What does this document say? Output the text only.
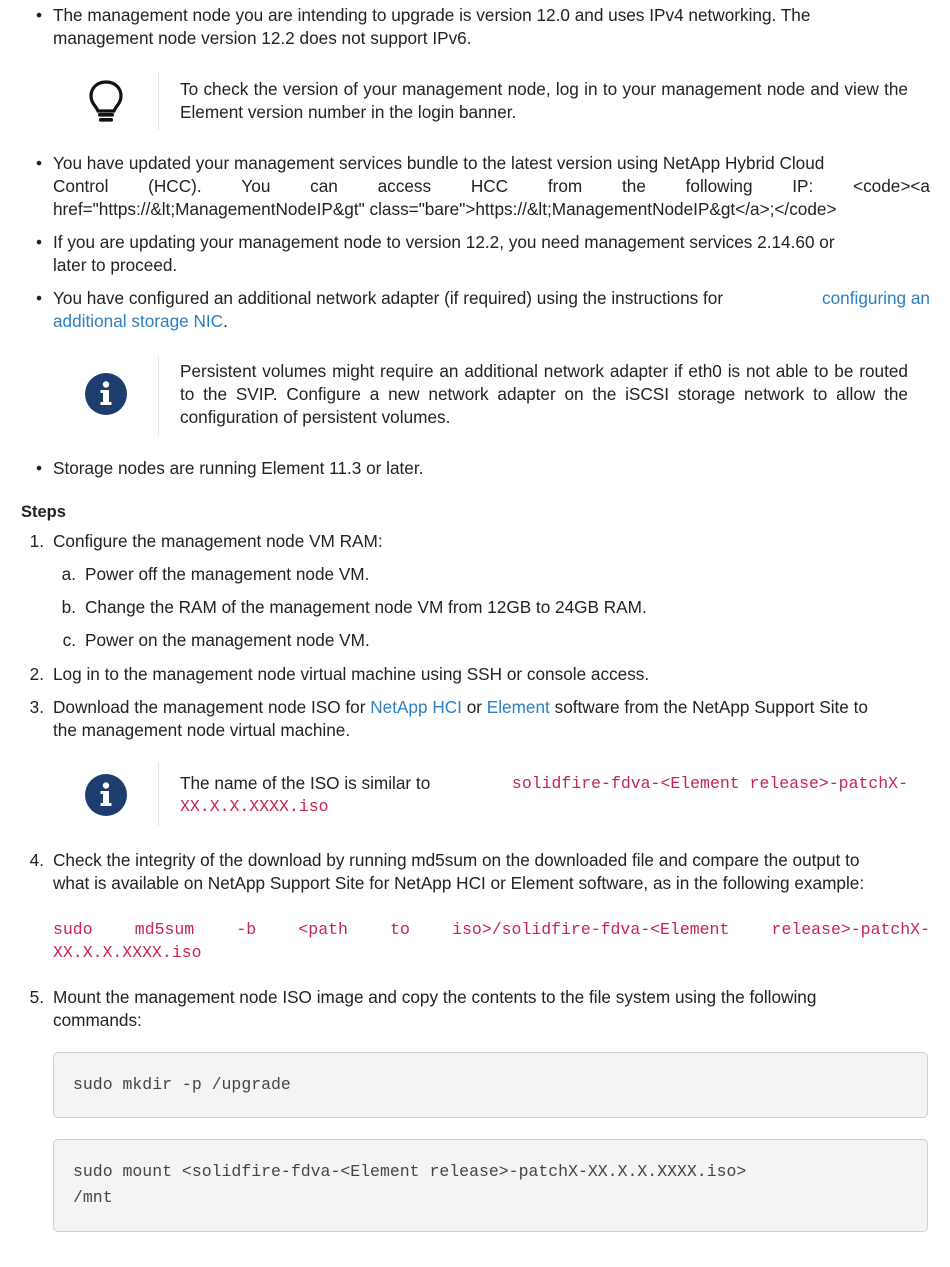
• The management node you are intending to upgrade is version 12.0 and uses IPv4 networking. The
management node version 12.2 does not support IPv6.
To check the version of your management node, log in to your management node and view the Element version number in the login banner.
• You have updated your management services bundle to the latest version using NetApp Hybrid Cloud
Control (HCC). You can access HCC from the following IP: <code><a
href="https://&lt;ManagementNodeIP&gt" class="bare">https://&lt;ManagementNodeIP&gt</a>;</code>
• If you are updating your management node to version 12.2, you need management services 2.14.60 or
later to proceed.
• You have configured an additional network adapter (if required) using the instructions for	configuring an
additional storage NIC.
Persistent volumes might require an additional network adapter if eth0 is not able to be routed to the SVIP. Configure a new network adapter on the iSCSI storage network to allow the configuration of persistent volumes.
• Storage nodes are running Element 11.3 or later.
Steps
1. Configure the management node VM RAM:
a. Power off the management node VM.
b. Change the RAM of the management node VM from 12GB to 24GB RAM.
c. Power on the management node VM.
2. Log in to the management node virtual machine using SSH or console access.
3. Download the management node ISO for NetApp HCI or Element software from the NetApp Support Site to
the management node virtual machine.
The name of the ISO is similar to	solidfire-fdva-<Element release>-patchX-
XX.X.X.XXXX.iso
4. Check the integrity of the download by running md5sum on the downloaded file and compare the output to
what is available on NetApp Support Site for NetApp HCI or Element software, as in the following example:
sudo	md5sum	-b	<path	to	iso>/solidfire-fdva-<Element	release>-patchX-
XX.X.X.XXXX.iso
5. Mount the management node ISO image and copy the contents to the file system using the following
commands:
sudo mkdir -p /upgrade
sudo mount <solidfire-fdva-<Element release>-patchX-XX.X.X.XXXX.iso>
/mnt
